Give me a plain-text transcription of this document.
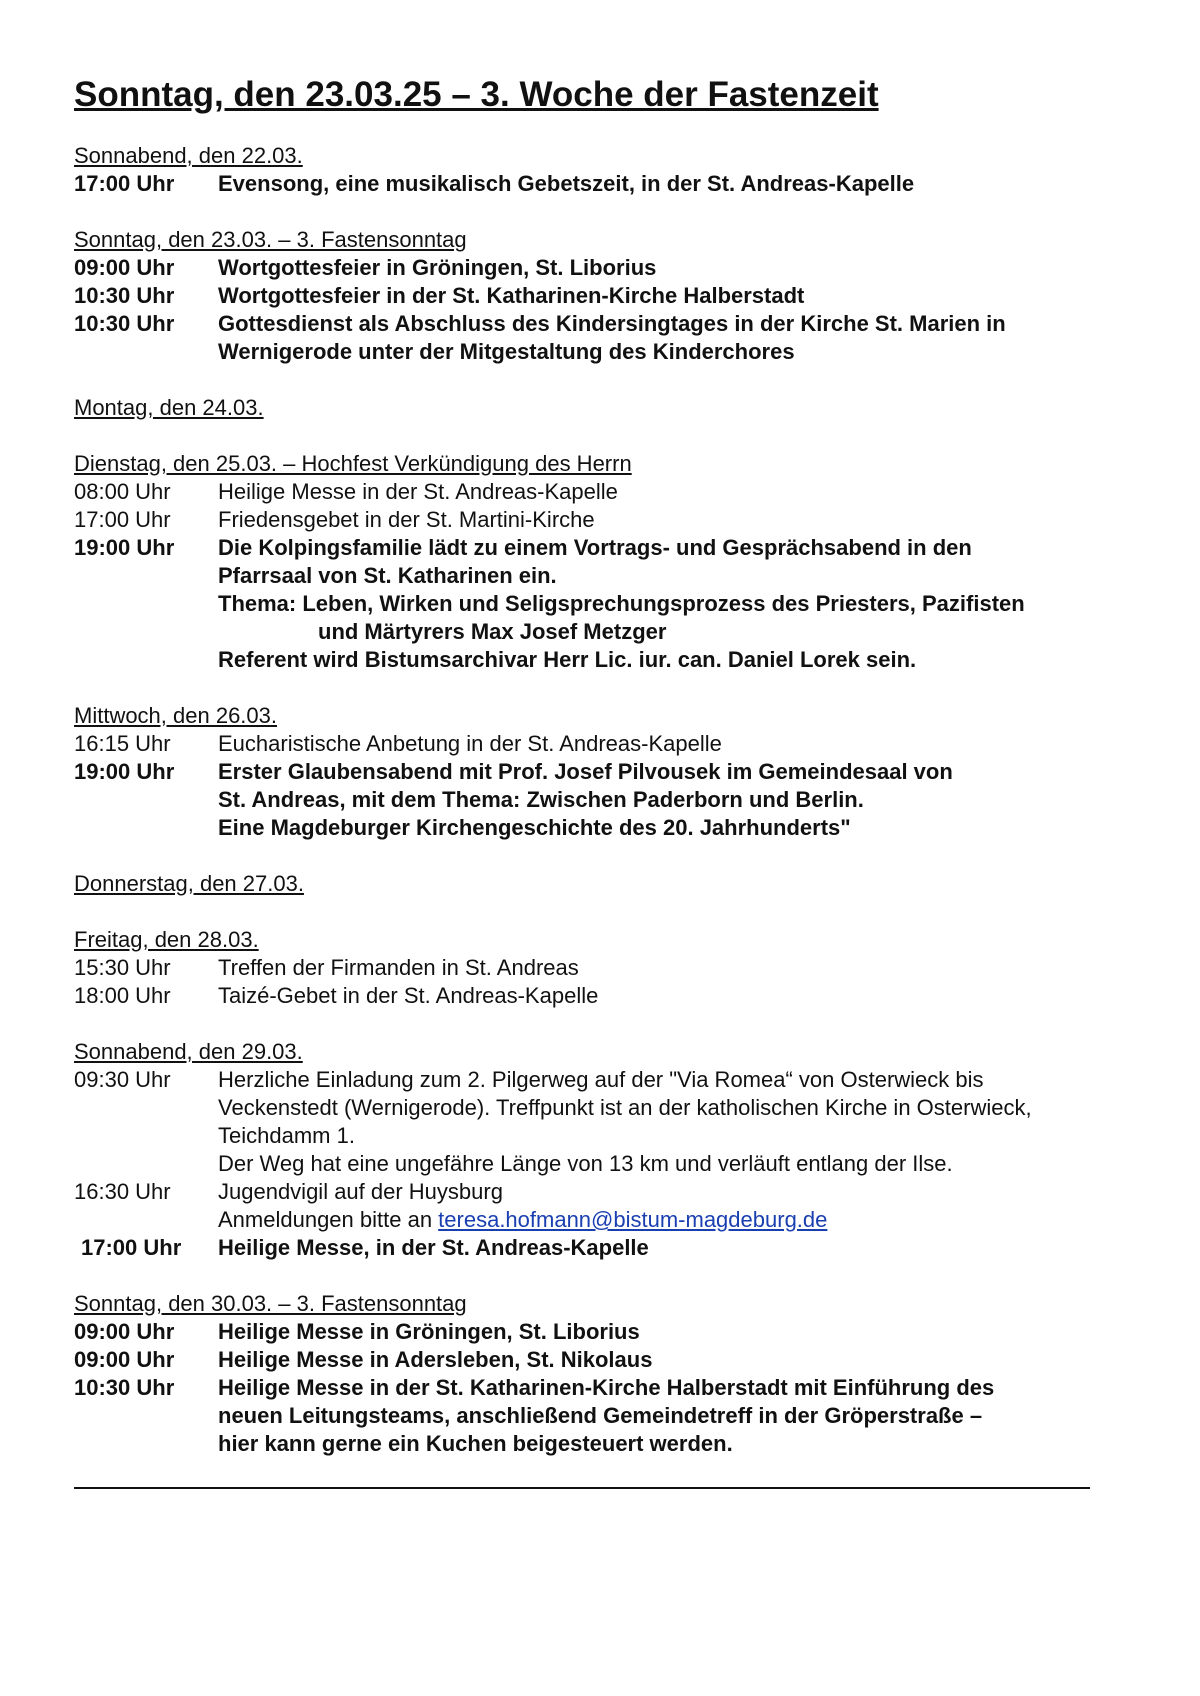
Sonntag, den 23.03.25 – 3. Woche der Fastenzeit
Sonnabend, den 22.03.
17:00 Uhr	Evensong, eine musikalisch Gebetszeit, in der St. Andreas-Kapelle
Sonntag, den 23.03. – 3. Fastensonntag
09:00 Uhr	Wortgottesfeier in Gröningen, St. Liborius
10:30 Uhr	Wortgottesfeier in der St. Katharinen-Kirche Halberstadt
10:30 Uhr	Gottesdienst als Abschluss des Kindersingtages in der Kirche St. Marien in
Wernigerode unter der Mitgestaltung des Kinderchores
Montag, den 24.03.
Dienstag, den 25.03. – Hochfest Verkündigung des Herrn
08:00 Uhr	Heilige Messe in der St. Andreas-Kapelle
17:00 Uhr	Friedensgebet in der St. Martini-Kirche
19:00 Uhr	Die Kolpingsfamilie lädt zu einem Vortrags- und Gesprächsabend in den
Pfarrsaal von St. Katharinen ein.
Thema: Leben, Wirken und Seligsprechungsprozess des Priesters, Pazifisten
und Märtyrers Max Josef Metzger
Referent wird Bistumsarchivar Herr Lic. iur. can. Daniel Lorek sein.
Mittwoch, den 26.03.
16:15 Uhr	Eucharistische Anbetung in der St. Andreas-Kapelle
19:00 Uhr	Erster Glaubensabend mit Prof. Josef Pilvousek im Gemeindesaal von
St. Andreas, mit dem Thema: Zwischen Paderborn und Berlin.
Eine Magdeburger Kirchengeschichte des 20. Jahrhunderts"
Donnerstag, den 27.03.
Freitag, den 28.03.
15:30 Uhr	Treffen der Firmanden in St. Andreas
18:00 Uhr	Taizé-Gebet in der St. Andreas-Kapelle
Sonnabend, den 29.03.
09:30 Uhr	Herzliche Einladung zum 2. Pilgerweg auf der "Via Romea“ von Osterwieck bis
Veckenstedt (Wernigerode). Treffpunkt ist an der katholischen Kirche in Osterwieck,
Teichdamm 1.
Der Weg hat eine ungefähre Länge von 13 km und verläuft entlang der Ilse.
16:30 Uhr	Jugendvigil auf der Huysburg
Anmeldungen bitte an teresa.hofmann@bistum-magdeburg.de
17:00 Uhr	Heilige Messe, in der St. Andreas-Kapelle
Sonntag, den 30.03. – 3. Fastensonntag
09:00 Uhr	Heilige Messe in Gröningen, St. Liborius
09:00 Uhr	Heilige Messe in Adersleben, St. Nikolaus
10:30 Uhr	Heilige Messe in der St. Katharinen-Kirche Halberstadt mit Einführung des
neuen Leitungsteams, anschließend Gemeindetreff in der Gröperstraße –
hier kann gerne ein Kuchen beigesteuert werden.
